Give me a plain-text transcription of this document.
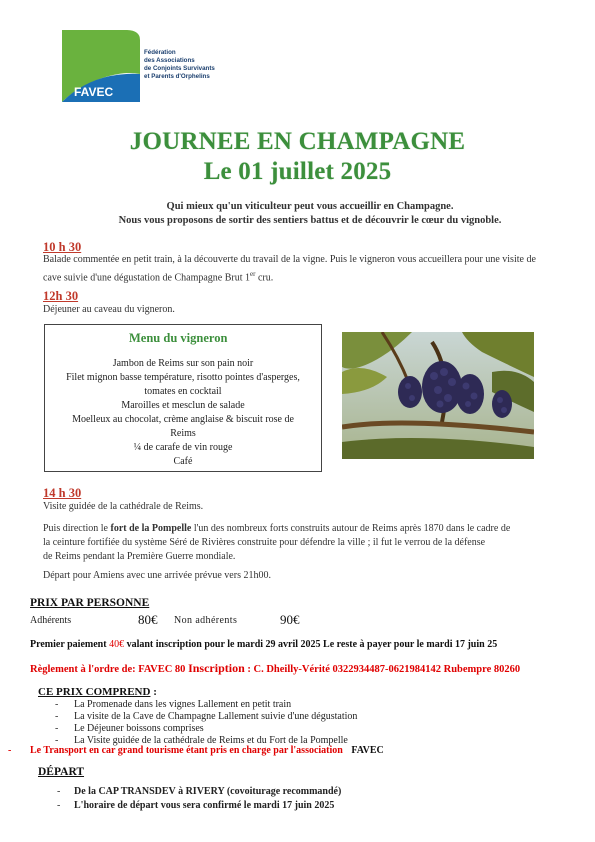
FAVEC
Fédération
des Associations
de Conjoints Survivants
et Parents d'Orphelins
JOURNEE EN CHAMPAGNE
Le 01 juillet 2025
Qui mieux qu'un viticulteur peut vous accueillir en Champagne.
Nous vous proposons de sortir des sentiers battus et de découvrir le cœur du vignoble.
10 h 30
Balade commentée en petit train, à la découverte du travail de la vigne. Puis le vigneron vous accueillera pour une visite de
cave suivie d'une dégustation de Champagne Brut 1er cru.
12h 30
Déjeuner au caveau du vigneron.
Menu du vigneron
Jambon de Reims sur son pain noir
Filet mignon basse température, risotto pointes d'asperges,
tomates en cocktail
Maroilles et mesclun de salade
Moelleux au chocolat, crème anglaise & biscuit rose de
Reims
¼ de carafe de vin rouge
Café
14 h 30
Visite guidée de la cathédrale de Reims.
Puis direction le fort de la Pompelle l'un des nombreux forts construits autour de Reims après 1870 dans le cadre de
la ceinture fortifiée du système Séré de Rivières construite pour défendre la ville ; il fut le verrou de la défense
de Reims pendant la Première Guerre mondiale.
Départ pour Amiens avec une arrivée prévue vers 21h00.
PRIX PAR PERSONNE
Adhérents	80€ Non adhérents	90€
Premier paiement 40€ valant inscription pour le mardi 29 avril 2025 Le reste à payer pour le mardi 17 juin 25
Règlement à l'ordre de: FAVEC 80 Inscription : C. Dheilly-Vérité 0322934487-0621984142 Rubempre 80260
CE PRIX COMPREND :
- La Promenade dans les vignes Lallement en petit train
- La visite de la Cave de Champagne Lallement suivie d'une dégustation
- Le Déjeuner boissons comprises
- La Visite guidée de la cathédrale de Reims et du Fort de la Pompelle
- Le Transport en car grand tourisme étant pris en charge par l'association FAVEC
DÉPART
- De la CAP TRANSDEV à RIVERY (covoiturage recommandé)
- L'horaire de départ vous sera confirmé le mardi 17 juin 2025
